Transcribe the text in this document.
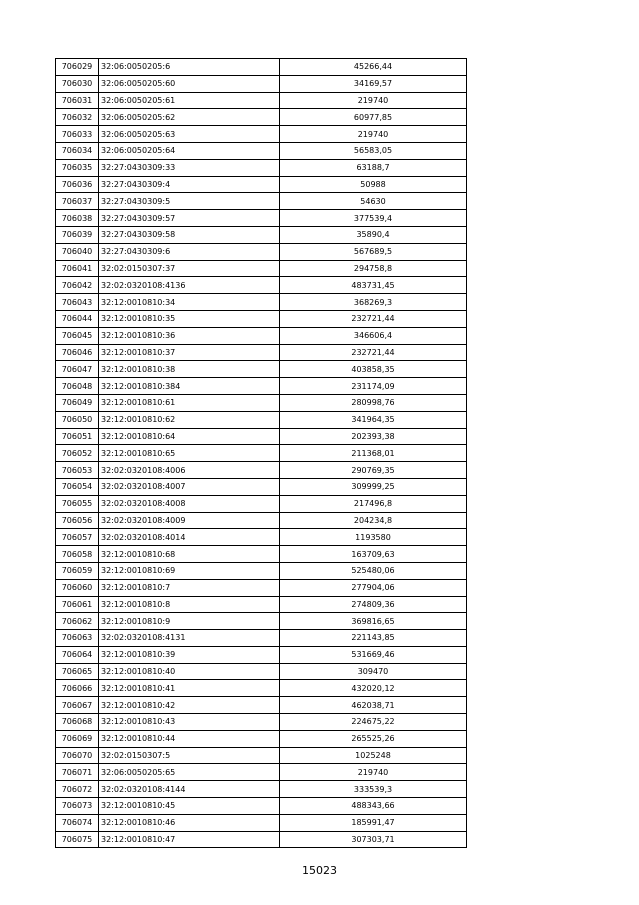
706029	32:06:0050205:6	45266,44
706030	32:06:0050205:60	34169,57
706031	32:06:0050205:61	219740
706032	32:06:0050205:62	60977,85
706033	32:06:0050205:63	219740
706034	32:06:0050205:64	56583,05
706035	32:27:0430309:33	63188,7
706036	32:27:0430309:4	50988
706037	32:27:0430309:5	54630
706038	32:27:0430309:57	377539,4
706039	32:27:0430309:58	35890,4
706040	32:27:0430309:6	567689,5
706041	32:02:0150307:37	294758,8
706042	32:02:0320108:4136	483731,45
706043	32:12:0010810:34	368269,3
706044	32:12:0010810:35	232721,44
706045	32:12:0010810:36	346606,4
706046	32:12:0010810:37	232721,44
706047	32:12:0010810:38	403858,35
706048	32:12:0010810:384	231174,09
706049	32:12:0010810:61	280998,76
706050	32:12:0010810:62	341964,35
706051	32:12:0010810:64	202393,38
706052	32:12:0010810:65	211368,01
706053	32:02:0320108:4006	290769,35
706054	32:02:0320108:4007	309999,25
706055	32:02:0320108:4008	217496,8
706056	32:02:0320108:4009	204234,8
706057	32:02:0320108:4014	1193580
706058	32:12:0010810:68	163709,63
706059	32:12:0010810:69	525480,06
706060	32:12:0010810:7	277904,06
706061	32:12:0010810:8	274809,36
706062	32:12:0010810:9	369816,65
706063	32:02:0320108:4131	221143,85
706064	32:12:0010810:39	531669,46
706065	32:12:0010810:40	309470
706066	32:12:0010810:41	432020,12
706067	32:12:0010810:42	462038,71
706068	32:12:0010810:43	224675,22
706069	32:12:0010810:44	265525,26
706070	32:02:0150307:5	1025248
706071	32:06:0050205:65	219740
706072	32:02:0320108:4144	333539,3
706073	32:12:0010810:45	488343,66
706074	32:12:0010810:46	185991,47
706075	32:12:0010810:47	307303,71
15023
